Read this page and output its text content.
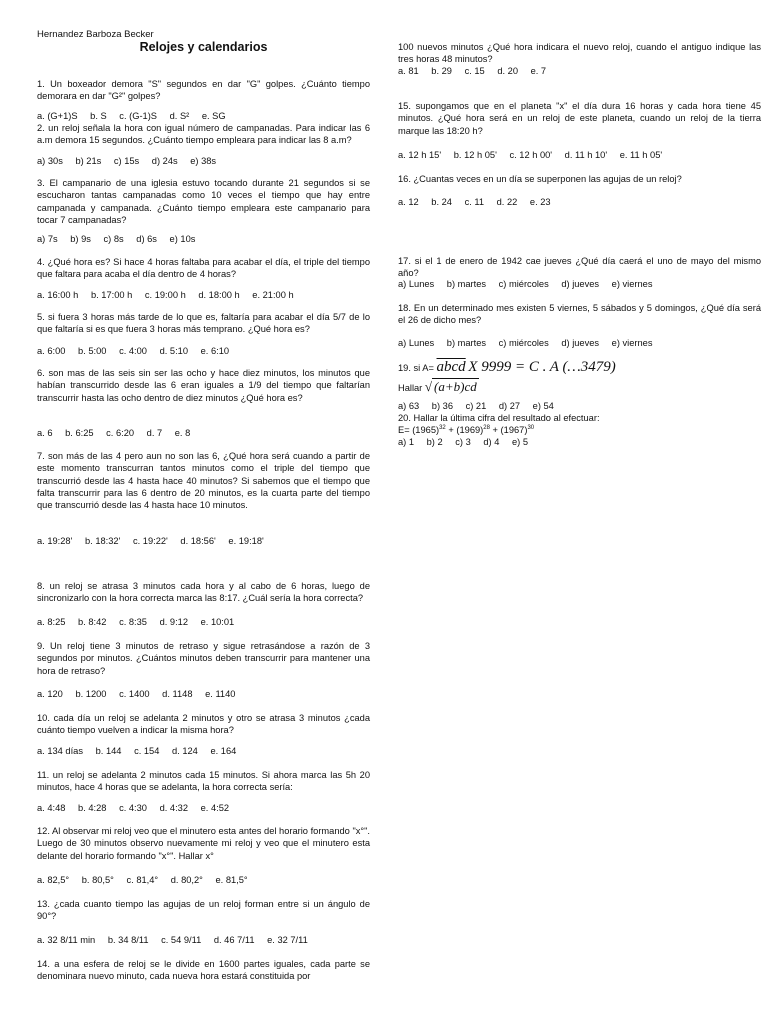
Hernandez Barboza Becker
Relojes y calendarios
1. Un boxeador demora "S" segundos en dar "G" golpes. ¿Cuánto tiempo demorara en dar "G²" golpes?
a. (G+1)S b. S c. (G-1)S d. S² e. SG
2. un reloj señala la hora con igual número de campanadas. Para indicar las 6 a.m demora 15 segundos. ¿Cuánto tiempo empleara para indicar las 8 a.m?
a) 30s b) 21s c) 15s d) 24s e) 38s
3. El campanario de una iglesia estuvo tocando durante 21 segundos si se escucharon tantas campanadas como 10 veces el tiempo que hay entre campanada y campanada. ¿Cuánto tiempo empleara este campanario para tocar 7 campanadas?
a) 7s b) 9s c) 8s d) 6s e) 10s
4. ¿Qué hora es? Si hace 4 horas faltaba para acabar el día, el triple del tiempo que faltara para acaba el día dentro de 4 horas?
a. 16:00 h b. 17:00 h c. 19:00 h d. 18:00 h e. 21:00 h
5. si fuera 3 horas más tarde de lo que es, faltaría para acabar el día 5/7 de lo que faltaría si es que fuera 3 horas más temprano. ¿Qué hora es?
a. 6:00 b. 5:00 c. 4:00 d. 5:10 e. 6:10
6. son mas de las seis sin ser las ocho y hace diez minutos, los minutos que habían transcurrido desde las 6 eran iguales a 1/9 del tiempo que faltarían transcurrir hasta las ocho dentro de diez minutos ¿Qué hora es?
a. 6 b. 6:25 c. 6:20 d. 7 e. 8
7. son más de las 4 pero aun no son las 6, ¿Qué hora será cuando a partir de este momento transcurran tantos minutos como el triple del tiempo que transcurrió desde las 4 hasta hace 40 minutos? Si sabemos que el tiempo que falta transcurrir para las 6 dentro de 20 minutos, es la cuarta parte del tiempo que transcurrió desde las 4 hasta hace 10 minutos.
a. 19:28' b. 18:32' c. 19:22' d. 18:56' e. 19:18'
8. un reloj se atrasa 3 minutos cada hora y al cabo de 6 horas, luego de sincronizarlo con la hora correcta marca las 8:17. ¿Cuál sería la hora correcta?
a. 8:25 b. 8:42 c. 8:35 d. 9:12 e. 10:01
9. Un reloj tiene 3 minutos de retraso y sigue retrasándose a razón de 3 segundos por minutos. ¿Cuántos minutos deben transcurrir para mantener una hora de retraso?
a. 120 b. 1200 c. 1400 d. 1148 e. 1140
10. cada día un reloj se adelanta 2 minutos y otro se atrasa 3 minutos ¿cada cuánto tiempo vuelven a indicar la misma hora?
a. 134 días b. 144 c. 154 d. 124 e. 164
11. un reloj se adelanta 2 minutos cada 15 minutos. Si ahora marca las 5h 20 minutos, hace 4 horas que se adelanta, la hora correcta sería:
a. 4:48 b. 4:28 c. 4:30 d. 4:32 e. 4:52
12. Al observar mi reloj veo que el minutero esta antes del horario formando "x°". Luego de 30 minutos observo nuevamente mi reloj y veo que el minutero esta delante del horario formando "x°". Hallar x°
a. 82,5° b. 80,5° c. 81,4° d. 80,2° e. 81,5°
13. ¿cada cuanto tiempo las agujas de un reloj forman entre si un ángulo de 90°?
a. 32 8/11 min b. 34 8/11 c. 54 9/11 d. 46 7/11 e. 32 7/11
14. a una esfera de reloj se le divide en 1600 partes iguales, cada parte se denominara nuevo minuto, cada nueva hora estará constituida por
100 nuevos minutos ¿Qué hora indicara el nuevo reloj, cuando el antiguo indique las tres horas 48 minutos?
a. 81 b. 29 c. 15 d. 20 e. 7
15. supongamos que en el planeta "x" el día dura 16 horas y cada hora tiene 45 minutos. ¿Qué hora será en un reloj de este planeta, cuando un reloj de la tierra marque las 18:20 h?
a. 12 h 15' b. 12 h 05' c. 12 h 00' d. 11 h 10' e. 11 h 05'
16. ¿Cuantas veces en un día se superponen las agujas de un reloj?
a. 12 b. 24 c. 11 d. 22 e. 23
17. si el 1 de enero de 1942 cae jueves ¿Qué día caerá el uno de mayo del mismo año?
a) Lunes b) martes c) miércoles d) jueves e) viernes
18. En un determinado mes existen 5 viernes, 5 sábados y 5 domingos, ¿Qué día será el 26 de dicho mes?
a) Lunes b) martes c) miércoles d) jueves e) viernes
19. si A= abcd X 9999 = C . A (…3479)
Hallar √ (a+b)cd
a) 63 b) 36 c) 21 d) 27 e) 54
20. Hallar la última cifra del resultado al efectuar:
$E= (1965)^{32} + (1969)^{28} + (1967)^{30}$
a) 1 b) 2 c) 3 d) 4 e) 5
